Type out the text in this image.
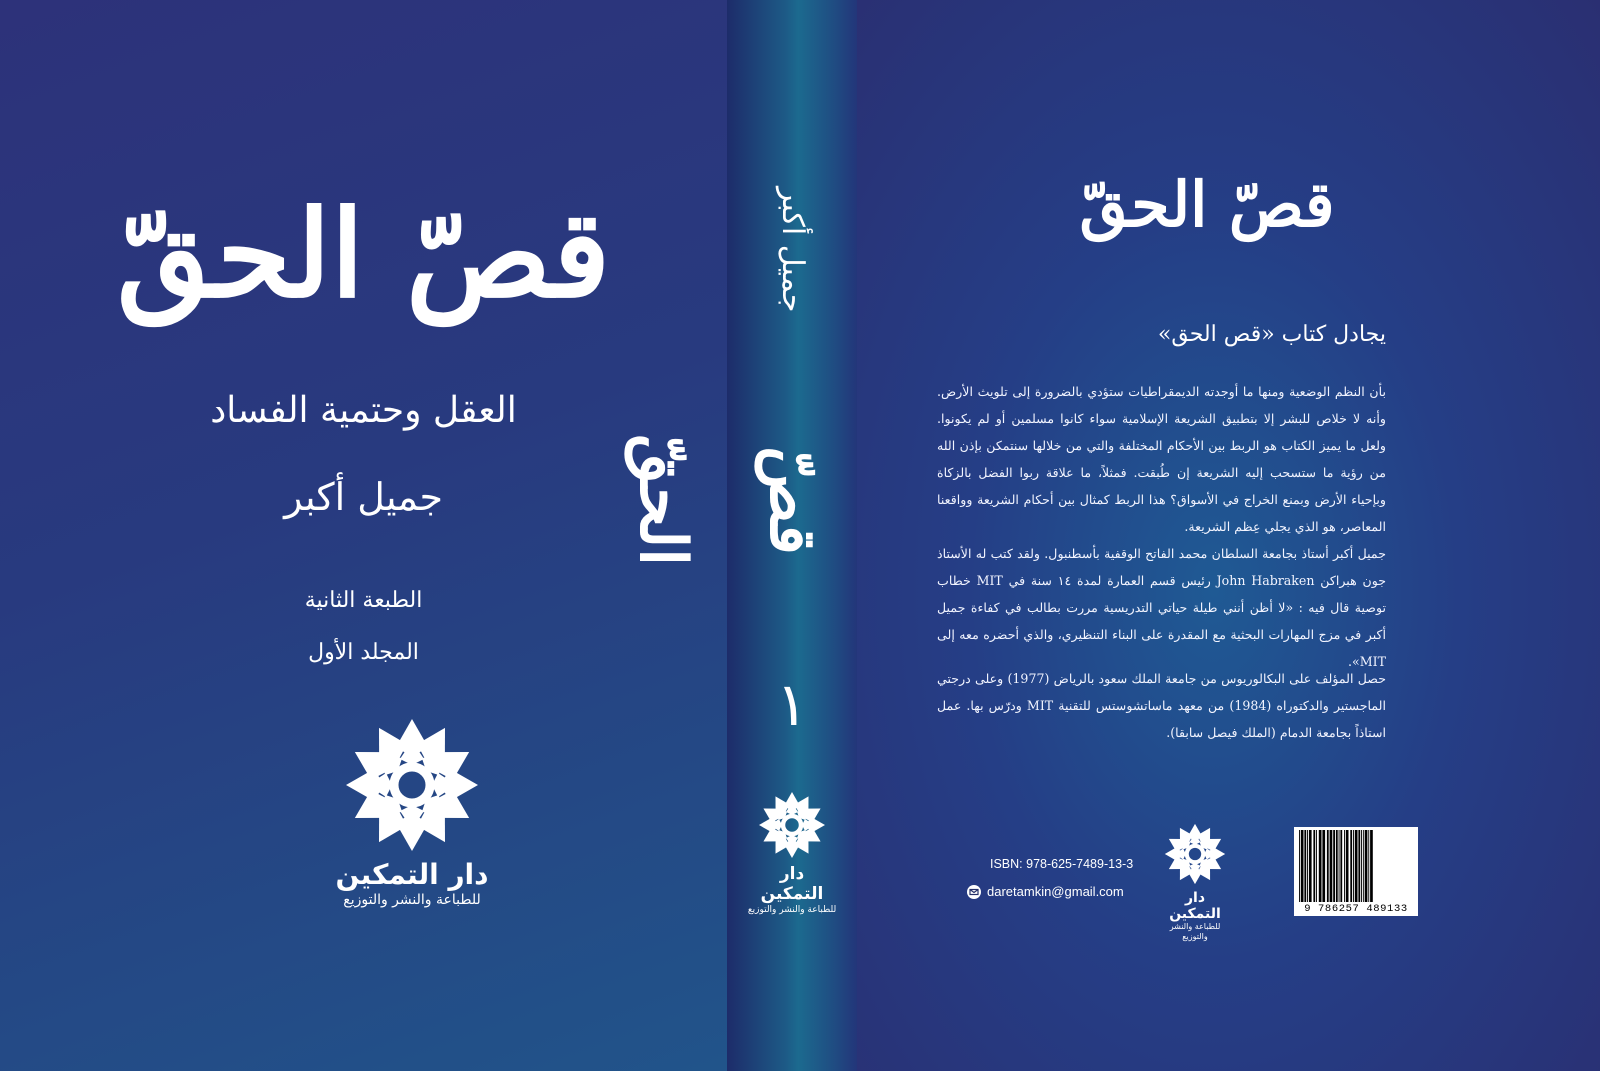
قصّ الحقّ
العقل وحتمية الفساد
جميل أكبر
الطبعة الثانية
المجلد الأول
دار التمكين
للطباعة والنشر والتوزيع
جميل أكبر
قصّ الحقّ
١
دار التمكين
للطباعة والنشر والتوزيع
قصّ الحقّ
يجادل كتاب «قص الحق»

بأن النظم الوضعية ومنها ما أوجدته الديمقراطيات ستؤدي بالضرورة إلى تلويث الأرض. وأنه لا خلاص للبشر إلا بتطبيق الشريعة الإسلامية سواء كانوا مسلمين أو لم يكونوا. ولعل ما يميز الكتاب هو الربط بين الأحكام المختلفة والتي من خلالها سنتمكن بإذن الله من رؤية ما ستسحب إليه الشريعة إن طُبقت. فمثلاً، ما علاقة ربوا الفضل بالزكاة وبإحياء الأرض وبمنع الخراج في الأسواق؟ هذا الربط كمثال بين أحكام الشريعة وواقعنا المعاصر، هو الذي يجلي عِظم الشريعة.

جميل أكبر أستاذ بجامعة السلطان محمد الفاتح الوقفية بأسطنبول. ولقد كتب له الأستاذ جون هبراكن John Habraken رئيس قسم العمارة لمدة ١٤ سنة في MIT خطاب توصية قال فيه : «لا أظن أنني طيلة حياتي التدريسية مررت بطالب في كفاءة جميل أكبر في مزج المهارات البحثية مع المقدرة على البناء التنظيري، والذي أحضره معه إلى MIT».

حصل المؤلف على البكالوريوس من جامعة الملك سعود بالرياض (1977) وعلى درجتي الماجستير والدكتوراه (1984) من معهد ماساتشوستس للتقنية MIT ودرّس بها. عمل استاذاً بجامعة الدمام (الملك فيصل سابقا).

ISBN: 978-625-7489-13-3
daretamkin@gmail.com	دار التمكين
للطباعة والنشر والتوزيع
9 786257 489133
